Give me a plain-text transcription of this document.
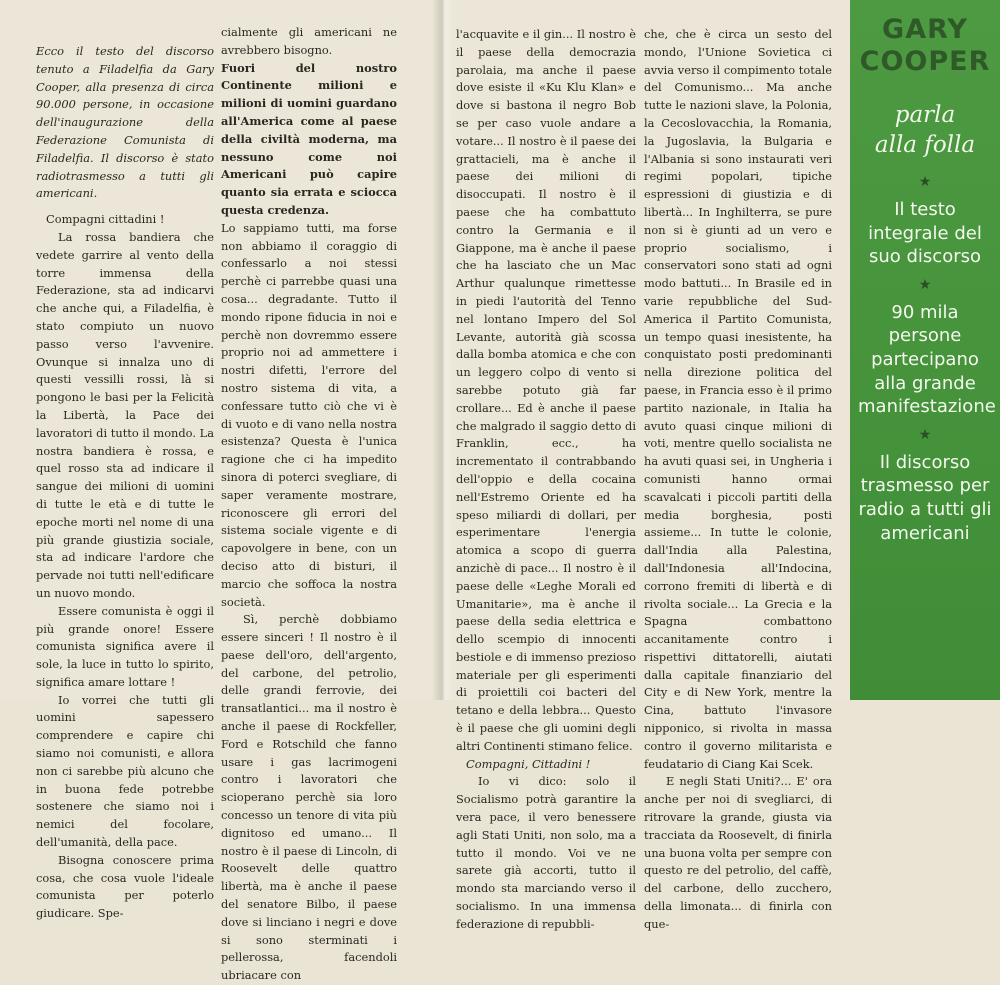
Ecco il testo del discorso tenuto a Filadelfia da Gary Cooper, alla presenza di circa 90.000 persone, in occasione dell'inaugurazione della Federazione Comunista di Filadelfia. Il discorso è stato radiotrasmesso a tutti gli americani.

Compagni cittadini !

La rossa bandiera che vedete garrire al vento della torre immensa della Federazione, sta ad indicarvi che anche qui, a Filadelfia, è stato compiuto un nuovo passo verso l'avvenire. Ovunque si innalza uno di questi vessilli rossi, là si pongono le basi per la Felicità la Libertà, la Pace dei lavoratori di tutto il mondo. La nostra bandiera è rossa, e quel rosso sta ad indicare il sangue dei milioni di uomini di tutte le età e di tutte le epoche morti nel nome di una più grande giustizia sociale, sta ad indicare l'ardore che pervade noi tutti nell'edificare un nuovo mondo.

Essere comunista è oggi il più grande onore! Essere comunista significa avere il sole, la luce in tutto lo spirito, significa amare lottare !

Io vorrei che tutti gli uomini sapessero comprendere e capire chi siamo noi comunisti, e allora non ci sarebbe più alcuno che in buona fede potrebbe sostenere che siamo noi i nemici del focolare, dell'umanità, della pace.

Bisogna conoscere prima cosa, che cosa vuole l'ideale comunista per poterlo giudicare. Spe-

cialmente gli americani ne avrebbero bisogno.

Fuori del nostro Continente milioni e milioni di uomini guardano all'America come al paese della civiltà moderna, ma nessuno come noi Americani può capire quanto sia errata e sciocca questa credenza.

Lo sappiamo tutti, ma forse non abbiamo il coraggio di confessarlo a noi stessi perchè ci parrebbe quasi una cosa... degradante. Tutto il mondo ripone fiducia in noi e perchè non dovremmo essere proprio noi ad ammettere i nostri difetti, l'errore del nostro sistema di vita, a confessare tutto ciò che vi è di vuoto e di vano nella nostra esistenza? Questa è l'unica ragione che ci ha impedito sinora di poterci svegliare, di saper veramente mostrare, riconoscere gli errori del sistema sociale vigente e di capovolgere in bene, con un deciso atto di bisturi, il marcio che soffoca la nostra società.

Sì, perchè dobbiamo essere sinceri ! Il nostro è il paese dell'oro, dell'argento, del carbone, del petrolio, delle grandi ferrovie, dei transatlantici... ma il nostro è anche il paese di Rockfeller, Ford e Rotschild che fanno usare i gas lacrimogeni contro i lavoratori che scioperano perchè sia loro concesso un tenore di vita più dignitoso ed umano... Il nostro è il paese di Lincoln, di Roosevelt delle quattro libertà, ma è anche il paese del senatore Bilbo, il paese dove si linciano i negri e dove si sono sterminati i pellerossa, facendoli ubriacare con

l'acquavite e il gin... Il nostro è il paese della democrazia parolaia, ma anche il paese dove esiste il «Ku Klu Klan» e dove si bastona il negro Bob se per caso vuole andare a votare... Il nostro è il paese dei grattacieli, ma è anche il paese dei milioni di disoccupati. Il nostro è il paese che ha combattuto contro la Germania e il Giappone, ma è anche il paese che ha lasciato che un Mac Arthur qualunque rimettesse in piedi l'autorità del Tenno nel lontano Impero del Sol Levante, autorità già scossa dalla bomba atomica e che con un leggero colpo di vento si sarebbe potuto già far crollare... Ed è anche il paese che malgrado il saggio detto di Franklin, ecc., ha incrementato il contrabbando dell'oppio e della cocaina nell'Estremo Oriente ed ha speso miliardi di dollari, per esperimentare l'energia atomica a scopo di guerra anzichè di pace... Il nostro è il paese delle «Leghe Morali ed Umanitarie», ma è anche il paese della sedia elettrica e dello scempio di innocenti bestiole e di immenso prezioso materiale per gli esperimenti di proiettili coi bacteri del tetano e della lebbra... Questo è il paese che gli uomini degli altri Continenti stimano felice.

Compagni, Cittadini !

Io vi dico: solo il Socialismo potrà garantire la vera pace, il vero benessere agli Stati Uniti, non solo, ma a tutto il mondo. Voi ve ne sarete già accorti, tutto il mondo sta marciando verso il socialismo. In una immensa federazione di repubbli-

che, che è circa un sesto del mondo, l'Unione Sovietica ci avvia verso il compimento totale del Comunismo... Ma anche tutte le nazioni slave, la Polonia, la Cecoslovacchia, la Romania, la Jugoslavia, la Bulgaria e l'Albania si sono instaurati veri regimi popolari, tipiche espressioni di giustizia e di libertà... In Inghilterra, se pure non si è giunti ad un vero e proprio socialismo, i conservatori sono stati ad ogni modo battuti... In Brasile ed in varie repubbliche del Sud-America il Partito Comunista, un tempo quasi inesistente, ha conquistato posti predominanti nella direzione politica del paese, in Francia esso è il primo partito nazionale, in Italia ha avuto quasi cinque milioni di voti, mentre quello socialista ne ha avuti quasi sei, in Ungheria i comunisti hanno ormai scavalcati i piccoli partiti della media borghesia, posti assieme... In tutte le colonie, dall'India alla Palestina, dall'Indonesia all'Indocina, corrono fremiti di libertà e di rivolta sociale... La Grecia e la Spagna combattono accanitamente contro i rispettivi dittatorelli, aiutati dalla capitale finanziario del City e di New York, mentre la Cina, battuto l'invasore nipponico, si rivolta in massa contro il governo militarista e feudatario di Ciang Kai Scek.

E negli Stati Uniti?... E' ora anche per noi di svegliarci, di ritrovare la grande, giusta via tracciata da Roosevelt, di finirla una buona volta per sempre con questo re del petrolio, del caffè, del carbone, dello zucchero, della limonata... di finirla con que-

GARY
COOPER
parla
alla folla
★
Il testo integrale del suo discorso
★
90 mila persone partecipano alla grande manifestazione
★
Il discorso trasmesso per radio a tutti gli americani
